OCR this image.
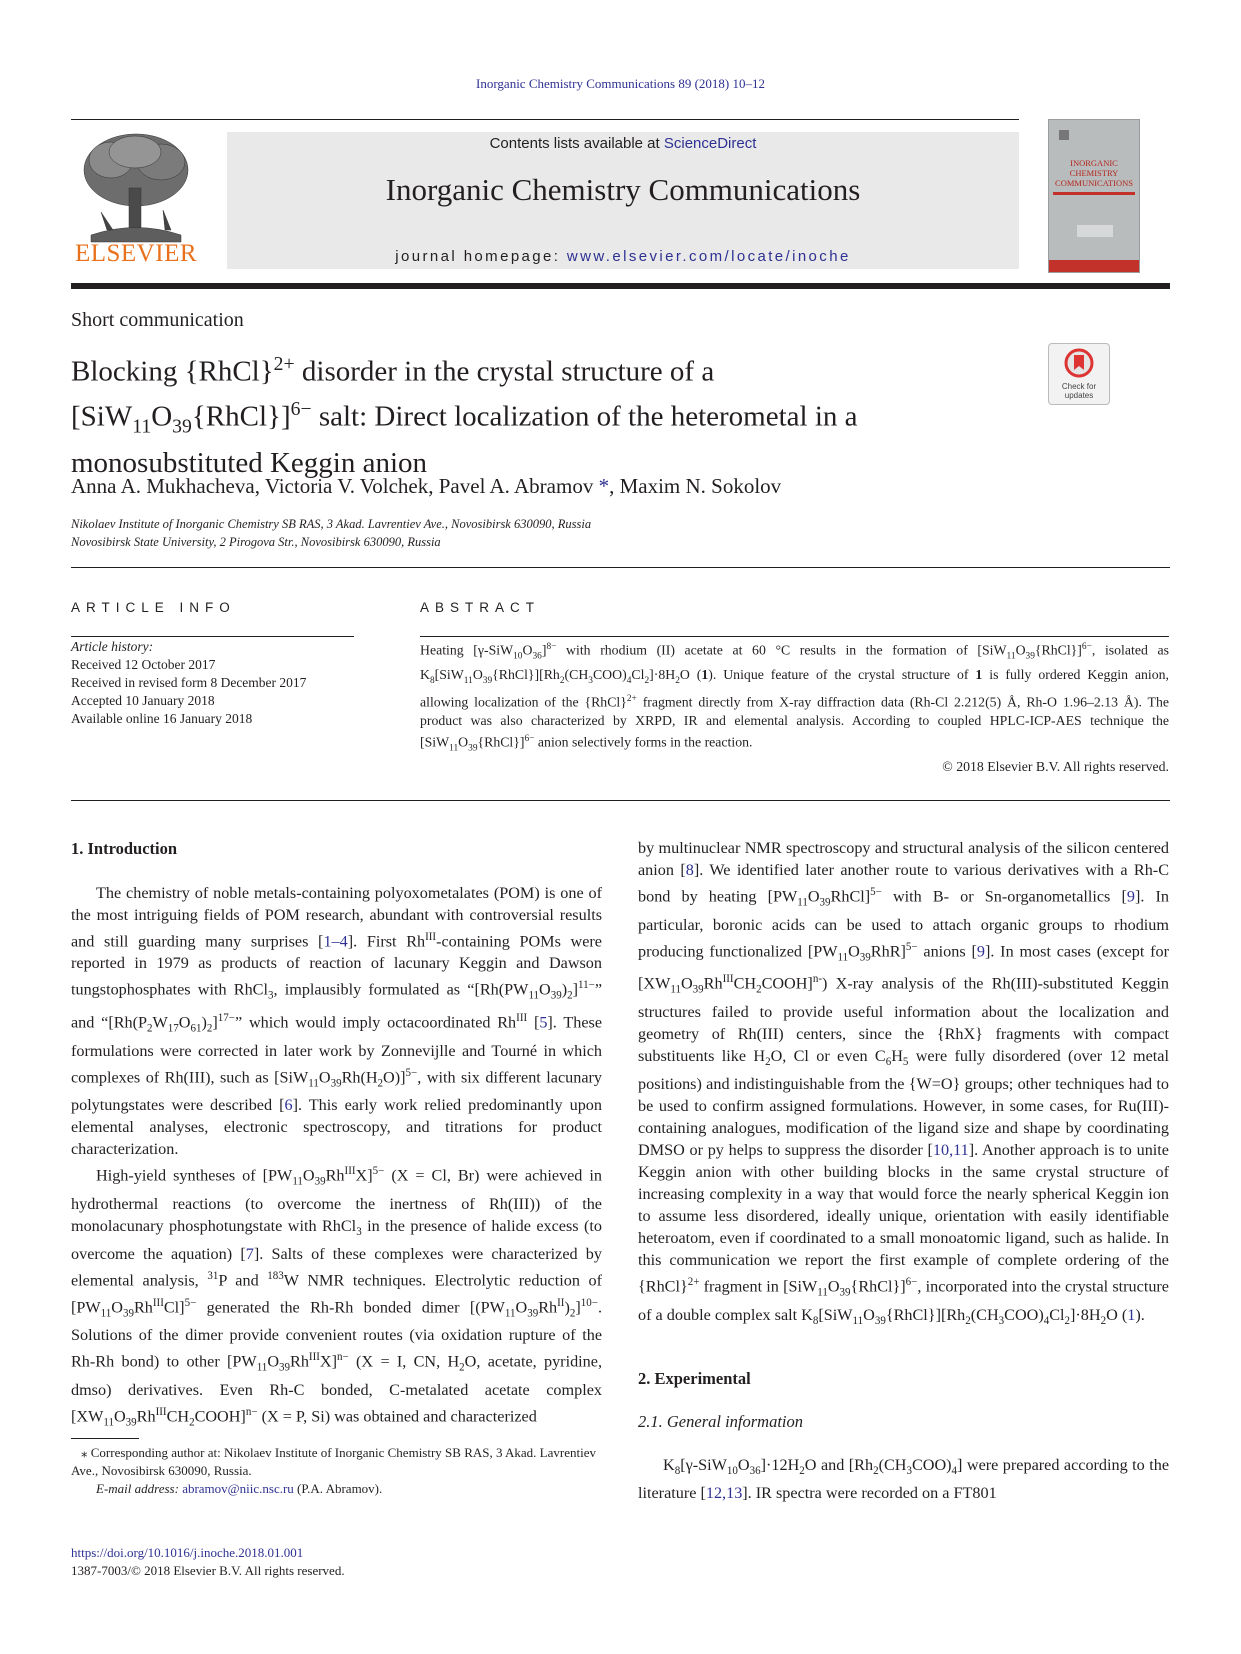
Inorganic Chemistry Communications 89 (2018) 10–12
ELSEVIER
Contents lists available at ScienceDirect
Inorganic Chemistry Communications
journal homepage: www.elsevier.com/locate/inoche
INORGANIC
CHEMISTRY
COMMUNICATIONS
Short communication
Blocking {RhCl}$^{2+}$ disorder in the crystal structure of a
$[SiW_{11}O_{39}\{RhCl\}]^{6-}$ salt: Direct localization of the heterometal in a
monosubstituted Keggin anion
Check for updates
Anna A. Mukhacheva, Victoria V. Volchek, Pavel A. Abramov *, Maxim N. Sokolov
Nikolaev Institute of Inorganic Chemistry SB RAS, 3 Akad. Lavrentiev Ave., Novosibirsk 630090, Russia
Novosibirsk State University, 2 Pirogova Str., Novosibirsk 630090, Russia
ARTICLE INFO
Article history:
Received 12 October 2017
Received in revised form 8 December 2017
Accepted 10 January 2018
Available online 16 January 2018
ABSTRACT
Heating $[\gamma-SiW_{10}O_{36}]^{8-}$ with rhodium (II) acetate at 60 °C results in the formation of $[SiW_{11}O_{39}\{RhCl\}]^{6-}$, isolated as $K_8[SiW_{11}O_{39}\{RhCl\}][Rh_2(CH_3COO)_4Cl_2]\cdot 8H_2O$ (1). Unique feature of the crystal structure of 1 is fully ordered Keggin anion, allowing localization of the {RhCl}$^{2+}$ fragment directly from X-ray diffraction data (Rh-Cl 2.212(5) Å, Rh-O 1.96–2.13 Å). The product was also characterized by XRPD, IR and elemental analysis. According to coupled HPLC-ICP-AES technique the $[SiW_{11}O_{39}\{RhCl\}]^{6-}$ anion selectively forms in the reaction.
© 2018 Elsevier B.V. All rights reserved.
1. Introduction

The chemistry of noble metals-containing polyoxometalates (POM) is one of the most intriguing fields of POM research, abundant with controversial results and still guarding many surprises [1–4]. First $Rh^{III}$-containing POMs were reported in 1979 as products of reaction of lacunary Keggin and Dawson tungstophosphates with RhCl$_3$, implausibly formulated as “$[Rh(PW_{11}O_{39})_2]^{11-}$” and “$[Rh(P_2W_{17}O_{61})_2]^{17-}$” which would imply octacoordinated $Rh^{III}$ [5]. These formulations were corrected in later work by Zonnevijlle and Tourné in which complexes of Rh(III), such as $[SiW_{11}O_{39}Rh(H_2O)]^{5-}$, with six different lacunary polytungstates were described [6]. This early work relied predominantly upon elemental analyses, electronic spectroscopy, and titrations for product characterization.

High-yield syntheses of $[PW_{11}O_{39}Rh^{III}X]^{5-}$ (X = Cl, Br) were achieved in hydrothermal reactions (to overcome the inertness of Rh(III)) of the monolacunary phosphotungstate with RhCl$_3$ in the presence of halide excess (to overcome the aquation) [7]. Salts of these complexes were characterized by elemental analysis, $^{31}$P and $^{183}$W NMR techniques. Electrolytic reduction of $[PW_{11}O_{39}Rh^{III}Cl]^{5-}$ generated the Rh-Rh bonded dimer $[(PW_{11}O_{39}Rh^{II})_2]^{10-}$. Solutions of the dimer provide convenient routes (via oxidation rupture of the Rh-Rh bond) to other $[PW_{11}O_{39}Rh^{III}X]^{n-}$ (X = I, CN, $H_2O$, acetate, pyridine, dmso) derivatives. Even Rh-C bonded, C-metalated acetate complex $[XW_{11}O_{39}Rh^{III}CH_2COOH]^{n-}$ (X = P, Si) was obtained and characterized

⁎ Corresponding author at: Nikolaev Institute of Inorganic Chemistry SB RAS, 3 Akad. Lavrentiev Ave., Novosibirsk 630090, Russia.
E-mail address: abramov@niic.nsc.ru (P.A. Abramov).
https://doi.org/10.1016/j.inoche.2018.01.001
1387-7003/© 2018 Elsevier B.V. All rights reserved.

by multinuclear NMR spectroscopy and structural analysis of the silicon centered anion [8]. We identified later another route to various derivatives with a Rh-C bond by heating $[PW_{11}O_{39}RhCl]^{5-}$ with B- or Sn-organometallics [9]. In particular, boronic acids can be used to attach organic groups to rhodium producing functionalized $[PW_{11}O_{39}RhR]^{5-}$ anions [9]. In most cases (except for $[XW_{11}O_{39}Rh^{III}CH_2COOH]^{n-}$) X-ray analysis of the Rh(III)-substituted Keggin structures failed to provide useful information about the localization and geometry of Rh(III) centers, since the {RhX} fragments with compact substituents like $H_2O$, Cl or even $C_6H_5$ were fully disordered (over 12 metal positions) and indistinguishable from the {W=O} groups; other techniques had to be used to confirm assigned formulations. However, in some cases, for Ru(III)-containing analogues, modification of the ligand size and shape by coordinating DMSO or py helps to suppress the disorder [10,11]. Another approach is to unite Keggin anion with other building blocks in the same crystal structure of increasing complexity in a way that would force the nearly spherical Keggin ion to assume less disordered, ideally unique, orientation with easily identifiable heteroatom, even if coordinated to a small monoatomic ligand, such as halide. In this communication we report the first example of complete ordering of the {RhCl}$^{2+}$ fragment in $[SiW_{11}O_{39}\{RhCl\}]^{6-}$, incorporated into the crystal structure of a double complex salt $K_8[SiW_{11}O_{39}\{RhCl\}][Rh_2(CH_3COO)_4Cl_2]\cdot 8H_2O$ (1).

2. Experimental
2.1. General information

$K_8[\gamma-SiW_{10}O_{36}]\cdot 12H_2O$ and $[Rh_2(CH_3COO)_4]$ were prepared according to the literature [12,13]. IR spectra were recorded on a FT801
